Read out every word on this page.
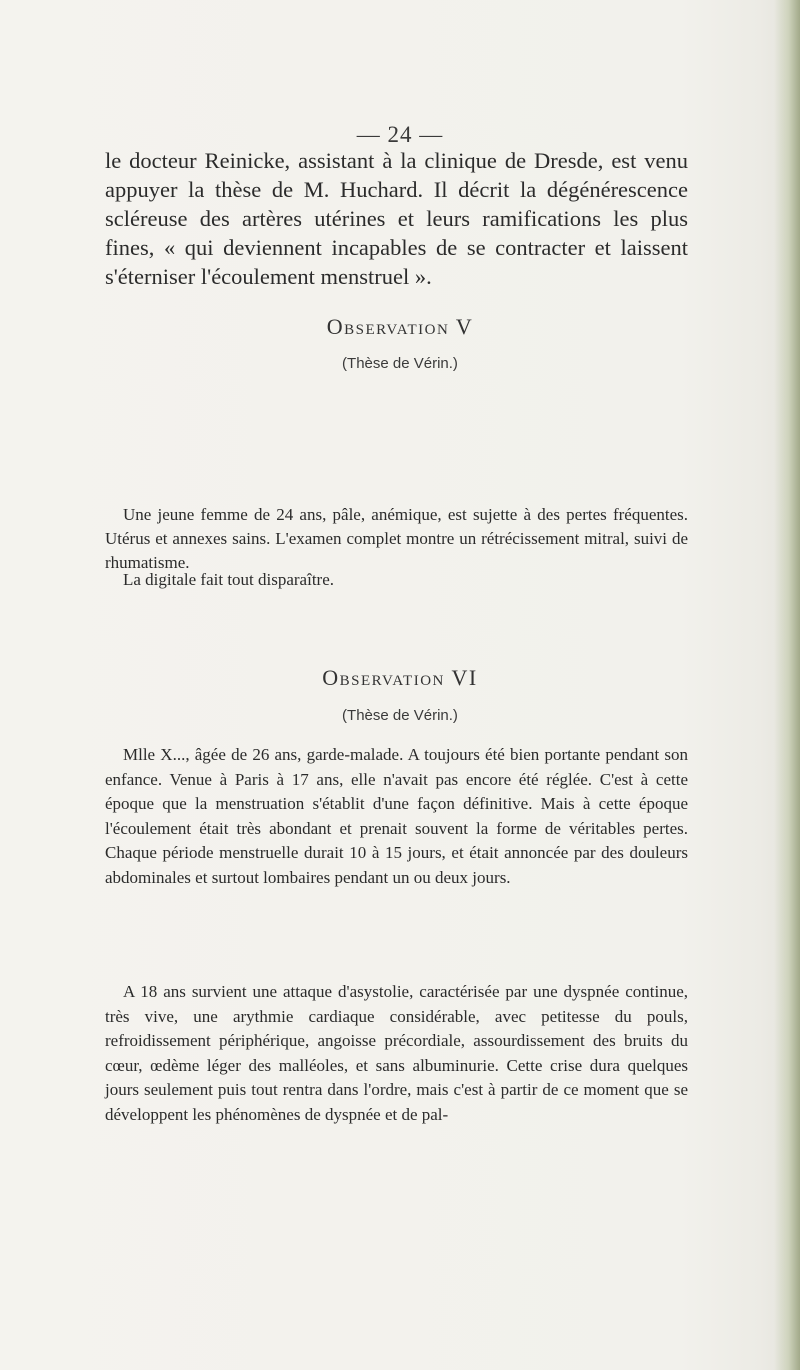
— 24 —

le docteur Reinicke, assistant à la clinique de Dresde, est venu appuyer la thèse de M. Huchard. Il décrit la dégénérescence scléreuse des artères utérines et leurs ramifications les plus fines, « qui deviennent incapables de se contracter et laissent s'éterniser l'écoulement menstruel ».

Observation V
(Thèse de Vérin.)

Une jeune femme de 24 ans, pâle, anémique, est sujette à des pertes fréquentes. Utérus et annexes sains. L'examen complet montre un rétrécissement mitral, suivi de rhumatisme.

La digitale fait tout disparaître.

Observation VI
(Thèse de Vérin.)

Mlle X..., âgée de 26 ans, garde-malade. A toujours été bien portante pendant son enfance. Venue à Paris à 17 ans, elle n'avait pas encore été réglée. C'est à cette époque que la menstruation s'établit d'une façon définitive. Mais à cette époque l'écoulement était très abondant et prenait souvent la forme de véritables pertes. Chaque période menstruelle durait 10 à 15 jours, et était annoncée par des douleurs abdominales et surtout lombaires pendant un ou deux jours.

A 18 ans survient une attaque d'asystolie, caractérisée par une dyspnée continue, très vive, une arythmie cardiaque considérable, avec petitesse du pouls, refroidissement périphérique, angoisse précordiale, assourdissement des bruits du cœur, œdème léger des malléoles, et sans albuminurie. Cette crise dura quelques jours seulement puis tout rentra dans l'ordre, mais c'est à partir de ce moment que se développent les phénomènes de dyspnée et de pal-
